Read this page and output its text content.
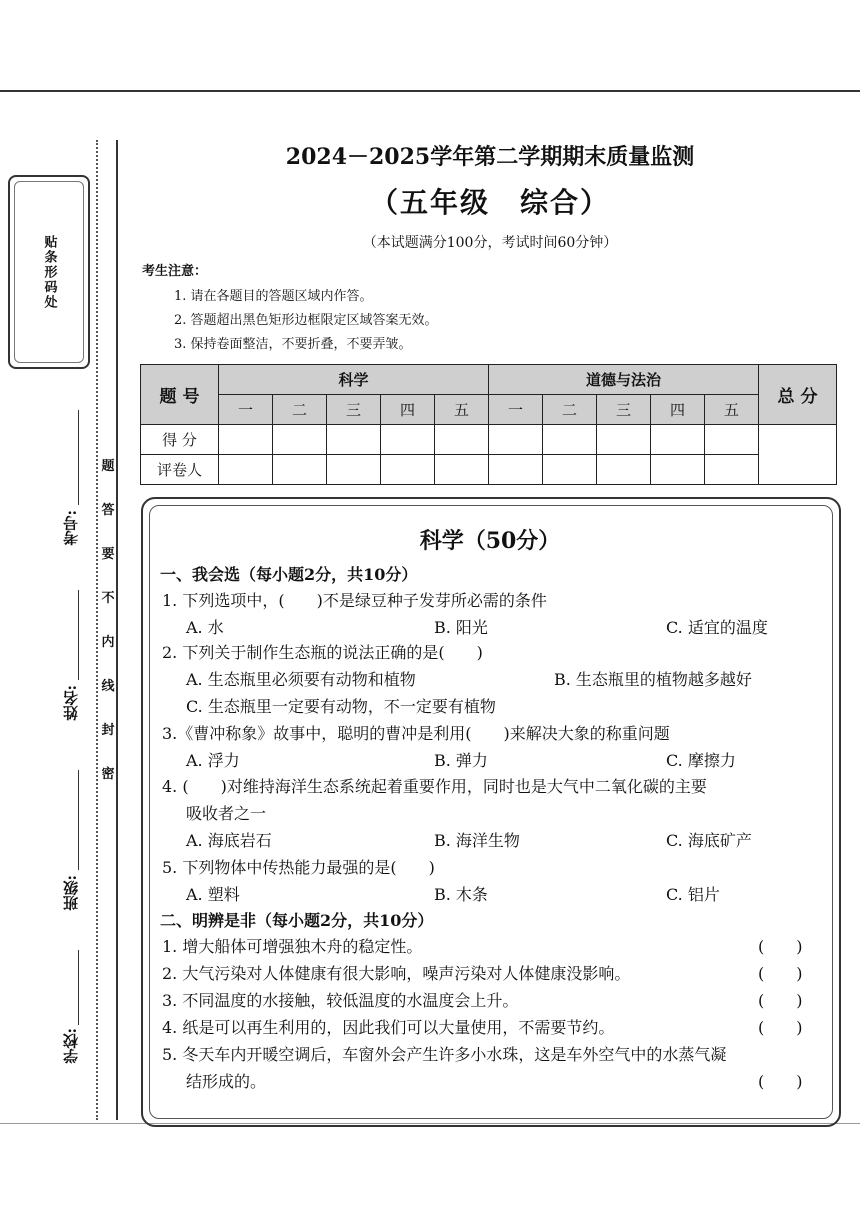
贴条形码处
题
答
要
不
内
线
封
密
考号:
姓名:
班级:
学校:
2024－2025学年第二学期期末质量监测
（五年级　综合）
（本试题满分100分，考试时间60分钟）
考生注意：
1. 请在各题目的答题区域内作答。
2. 答题超出黑色矩形边框限定区域答案无效。
3. 保持卷面整洁，不要折叠，不要弄皱。
题 号	科学					道德与法治					总 分
	一	二	三	四	五	一	二	三	四	五	
得 分											
评卷人											
科学（50分）
一、我会选（每小题2分，共10分）
1. 下列选项中，(　　)不是绿豆种子发芽所必需的条件
A. 水	B. 阳光	C. 适宜的温度
2. 下列关于制作生态瓶的说法正确的是(　　)
A. 生态瓶里必须要有动物和植物	B. 生态瓶里的植物越多越好
C. 生态瓶里一定要有动物，不一定要有植物
3.《曹冲称象》故事中，聪明的曹冲是利用(　　)来解决大象的称重问题
A. 浮力	B. 弹力	C. 摩擦力
4. (　　)对维持海洋生态系统起着重要作用，同时也是大气中二氧化碳的主要
吸收者之一
A. 海底岩石	B. 海洋生物	C. 海底矿产
5. 下列物体中传热能力最强的是(　　)
A. 塑料	B. 木条	C. 铝片
二、明辨是非（每小题2分，共10分）
1. 增大船体可增强独木舟的稳定性。	(　　)
2. 大气污染对人体健康有很大影响，噪声污染对人体健康没影响。	(　　)
3. 不同温度的水接触，较低温度的水温度会上升。	(　　)
4. 纸是可以再生利用的，因此我们可以大量使用，不需要节约。	(　　)
5. 冬天车内开暖空调后，车窗外会产生许多小水珠，这是车外空气中的水蒸气凝
结形成的。	(　　)
